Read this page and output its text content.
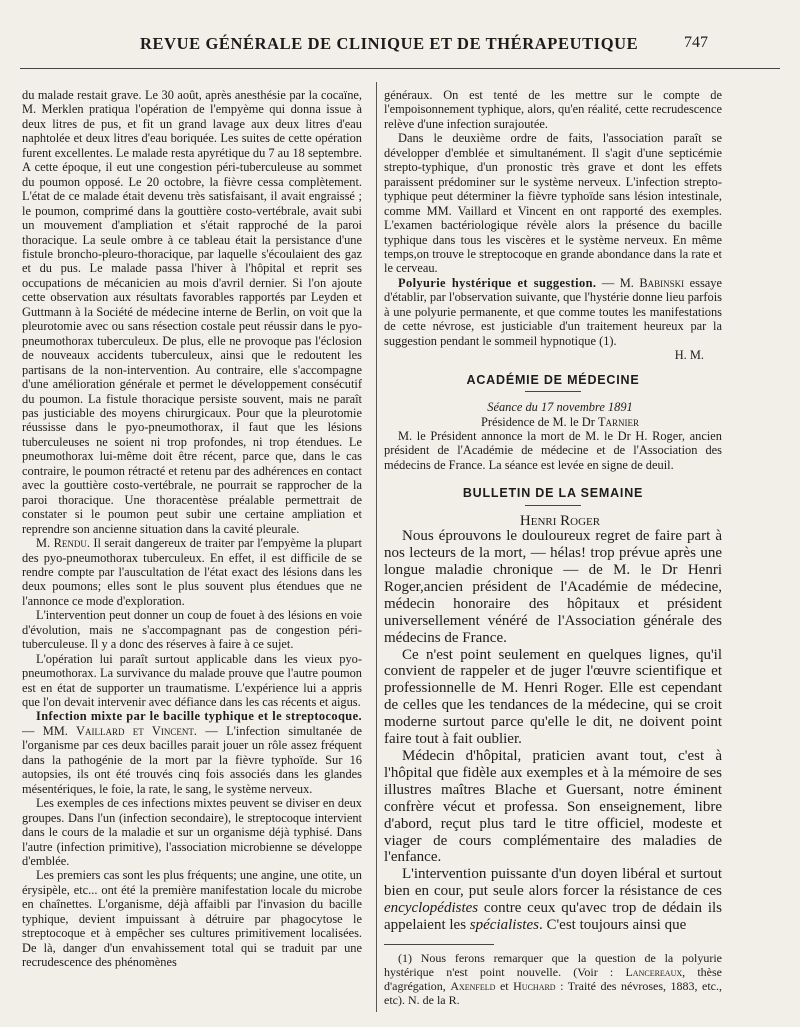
REVUE GÉNÉRALE DE CLINIQUE ET DE THÉRAPEUTIQUE	747

du malade restait grave. Le 30 août, après anesthésie par la cocaïne, M. Merklen pratiqua l'opération de l'empyème qui donna issue à deux litres de pus, et fit un grand lavage aux deux litres d'eau naphtolée et deux litres d'eau boriquée. Les suites de cette opération furent excellentes. Le malade resta apyrétique du 7 au 18 septembre. A cette époque, il eut une congestion péri-tuberculeuse au sommet du poumon opposé. Le 20 octobre, la fièvre cessa complètement. L'état de ce malade était devenu très satisfaisant, il avait engraissé ; le poumon, comprimé dans la gouttière costo-vertébrale, avait subi un mouvement d'ampliation et s'était rapproché de la paroi thoracique. La seule ombre à ce tableau était la persistance d'une fistule broncho-pleuro-thoracique, par laquelle s'écoulaient des gaz et du pus. Le malade passa l'hiver à l'hôpital et reprit ses occupations de mécanicien au mois d'avril dernier. Si l'on ajoute cette observation aux résultats favorables rapportés par Leyden et Guttmann à la Société de médecine interne de Berlin, on voit que la pleurotomie avec ou sans résection costale peut réussir dans le pyo-pneumothorax tuberculeux. De plus, elle ne provoque pas l'éclosion de nouveaux accidents tuberculeux, ainsi que le redoutent les partisans de la non-intervention. Au contraire, elle s'accompagne d'une amélioration générale et permet le développement consécutif du poumon. La fistule thoracique persiste souvent, mais ne paraît pas justiciable des moyens chirurgicaux. Pour que la pleurotomie réussisse dans le pyo-pneumothorax, il faut que les lésions tuberculeuses ne soient ni trop profondes, ni trop étendues. Le pneumothorax lui-même doit être récent, parce que, dans le cas contraire, le poumon rétracté et retenu par des adhérences en contact avec la gouttière costo-vertébrale, ne pourrait se rapprocher de la paroi thoracique. Une thoracentèse préalable permettrait de constater si le poumon peut subir une certaine ampliation et reprendre son ancienne situation dans la cavité pleurale.

M. Rendu. Il serait dangereux de traiter par l'empyème la plupart des pyo-pneumothorax tuberculeux. En effet, il est difficile de se rendre compte par l'auscultation de l'état exact des lésions dans les deux poumons; elles sont le plus souvent plus étendues que ne l'annonce ce mode d'exploration.

L'intervention peut donner un coup de fouet à des lésions en voie d'évolution, mais ne s'accompagnant pas de congestion péri-tuberculeuse. Il y a donc des réserves à faire à ce sujet.

L'opération lui paraît surtout applicable dans les vieux pyo-pneumothorax. La survivance du malade prouve que l'autre poumon est en état de supporter un traumatisme. L'expérience lui a appris que l'on devait intervenir avec défiance dans les cas récents et aigus.

Infection mixte par le bacille typhique et le streptocoque. — MM. Vaillard et Vincent. — L'infection simultanée de l'organisme par ces deux bacilles parait jouer un rôle assez fréquent dans la pathogénie de la mort par la fièvre typhoïde. Sur 16 autopsies, ils ont été trouvés cinq fois associés dans les glandes mésentériques, le foie, la rate, le sang, le système nerveux.

Les exemples de ces infections mixtes peuvent se diviser en deux groupes. Dans l'un (infection secondaire), le streptocoque intervient dans le cours de la maladie et sur un organisme déjà typhisé. Dans l'autre (infection primitive), l'association microbienne se développe d'emblée.

Les premiers cas sont les plus fréquents; une angine, une otite, un érysipèle, etc... ont été la première manifestation locale du microbe en chaînettes. L'organisme, déjà affaibli par l'invasion du bacille typhique, devient impuissant à détruire par phagocytose le streptocoque et à empêcher ses cultures primitivement localisées. De là, danger d'un envahissement total qui se traduit par une recrudescence des phénomènes

généraux. On est tenté de les mettre sur le compte de l'empoisonnement typhique, alors, qu'en réalité, cette recrudescence relève d'une infection surajoutée.

Dans le deuxième ordre de faits, l'association paraît se développer d'emblée et simultanément. Il s'agit d'une septicémie strepto-typhique, d'un pronostic très grave et dont les effets paraissent prédominer sur le système nerveux. L'infection strepto-typhique peut déterminer la fièvre typhoïde sans lésion intestinale, comme MM. Vaillard et Vincent en ont rapporté des exemples. L'examen bactériologique révèle alors la présence du bacille typhique dans tous les viscères et le système nerveux. En même temps,on trouve le streptocoque en grande abondance dans la rate et le cerveau.

Polyurie hystérique et suggestion. — M. Babinski essaye d'établir, par l'observation suivante, que l'hystérie donne lieu parfois à une polyurie permanente, et que comme toutes les manifestations de cette névrose, est justiciable d'un traitement heureux par la suggestion pendant le sommeil hypnotique (1).

H. M.

ACADÉMIE DE MÉDECINE

Séance du 17 novembre 1891

Présidence de M. le Dr Tarnier

M. le Président annonce la mort de M. le Dr H. Roger, ancien président de l'Académie de médecine et de l'Association des médecins de France. La séance est levée en signe de deuil.

BULLETIN DE LA SEMAINE

Henri Roger

Nous éprouvons le douloureux regret de faire part à nos lecteurs de la mort, — hélas! trop prévue après une longue maladie chronique — de M. le Dr Henri Roger,ancien président de l'Académie de médecine, médecin honoraire des hôpitaux et président universellement vénéré de l'Association générale des médecins de France.

Ce n'est point seulement en quelques lignes, qu'il convient de rappeler et de juger l'œuvre scientifique et professionnelle de M. Henri Roger. Elle est cependant de celles que les tendances de la médecine, qui se croit moderne surtout parce qu'elle le dit, ne doivent point faire tout à fait oublier.

Médecin d'hôpital, praticien avant tout, c'est à l'hôpital que fidèle aux exemples et à la mémoire de ses illustres maîtres Blache et Guersant, notre éminent confrère vécut et professa. Son enseignement, libre d'abord, reçut plus tard le titre officiel, modeste et viager de cours complémentaire des maladies de l'enfance.

L'intervention puissante d'un doyen libéral et surtout bien en cour, put seule alors forcer la résistance de ces encyclopédistes contre ceux qu'avec trop de dédain ils appelaient les spécialistes. C'est toujours ainsi que

(1) Nous ferons remarquer que la question de la polyurie hystérique n'est point nouvelle. (Voir : Lancereaux, thèse d'agrégation, Axenfeld et Huchard : Traité des névroses, 1883, etc., etc). N. de la R.
